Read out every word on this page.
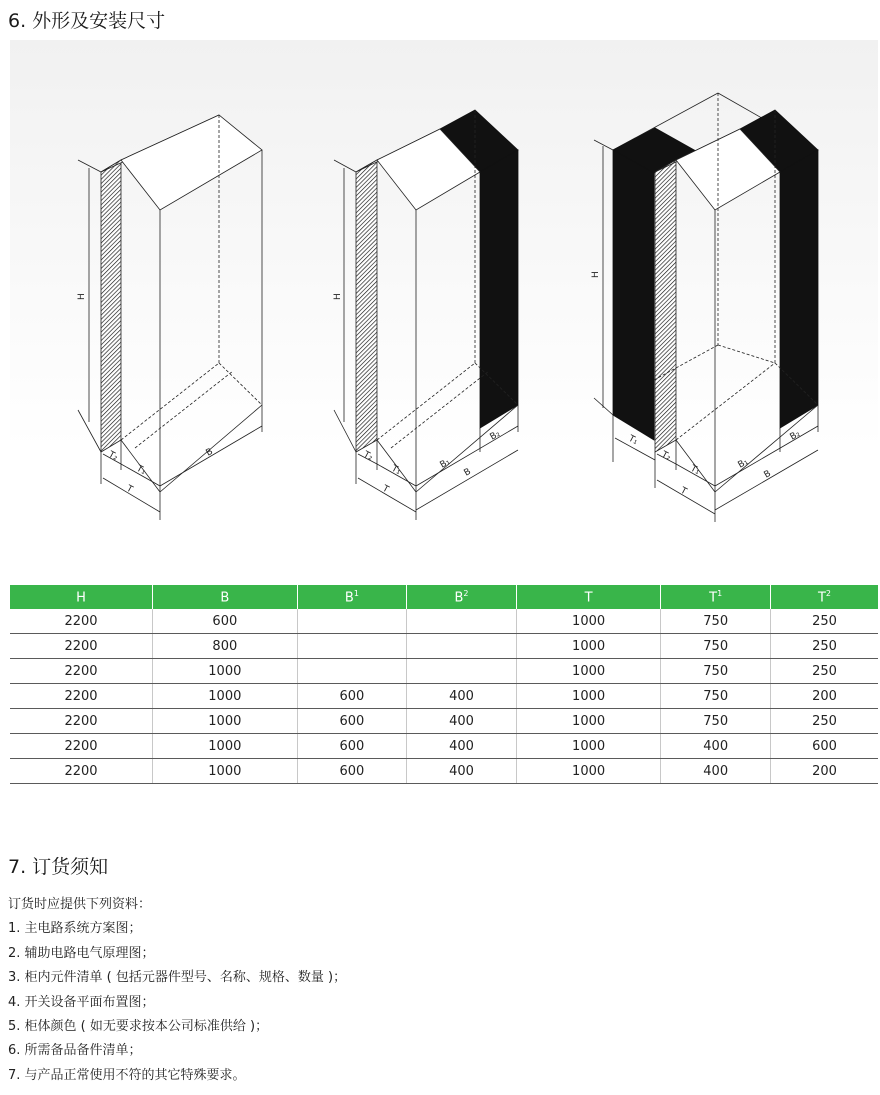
6. 外形及安装尺寸
H
T₂
T₁
T
B
H
T₂
T₁
T
B₁
B₂
B
H
T₁
T₂
T₁
T
B₁
B₂
B
H	B	$B^1$	$B^2$	T	$T^1$	$T^2$
2200	600			1000	750	250
2200	800			1000	750	250
2200	1000			1000	750	250
2200	1000	600	400	1000	750	200
2200	1000	600	400	1000	750	250
2200	1000	600	400	1000	400	600
2200	1000	600	400	1000	400	200
7. 订货须知
订货时应提供下列资料：
1. 主电路系统方案图；
2. 辅助电路电气原理图；
3. 柜内元件清单 ( 包括元器件型号、名称、规格、数量 )；
4. 开关设备平面布置图；
5. 柜体颜色 ( 如无要求按本公司标准供给 )；
6. 所需备品备件清单；
7. 与产品正常使用不符的其它特殊要求。
